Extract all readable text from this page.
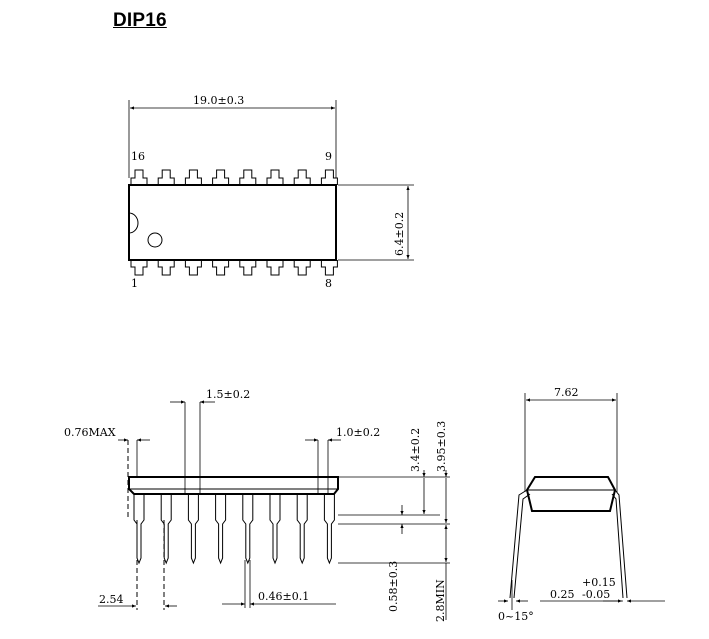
DIP16
16	9
1	8
19.0±0.3
6.4±0.2
0.76MAX
1.5±0.2
1.0±0.2	3.4±0.2 3.95±0.3
0.58±0.3	2.8MIN
2.54	0.46±0.1
7.62
+0.15
0.25 -0.05
0~15°
